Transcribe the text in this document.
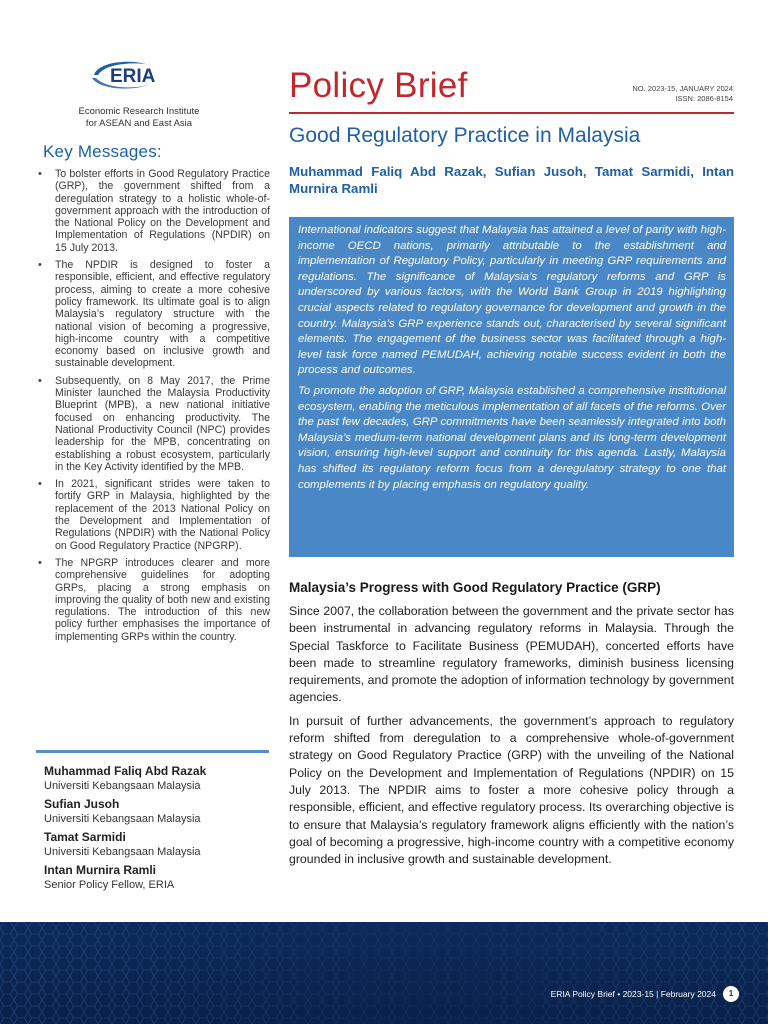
ERIA
Economic Research Institute
for ASEAN and East Asia
Key Messages:
• To bolster efforts in Good Regulatory Practice (GRP), the government shifted from a deregulation strategy to a holistic whole-of-government approach with the introduction of the National Policy on the Development and Implementation of Regulations (NPDIR) on 15 July 2013.
• The NPDIR is designed to foster a responsible, efficient, and effective regulatory process, aiming to create a more cohesive policy framework. Its ultimate goal is to align Malaysia’s regulatory structure with the national vision of becoming a progressive, high-income country with a competitive economy based on inclusive growth and sustainable development.
• Subsequently, on 8 May 2017, the Prime Minister launched the Malaysia Productivity Blueprint (MPB), a new national initiative focused on enhancing productivity. The National Productivity Council (NPC) provides leadership for the MPB, concentrating on establishing a robust ecosystem, particularly in the Key Activity identified by the MPB.
• In 2021, significant strides were taken to fortify GRP in Malaysia, highlighted by the replacement of the 2013 National Policy on the Development and Implementation of Regulations (NPDIR) with the National Policy on Good Regulatory Practice (NPGRP).
• The NPGRP introduces clearer and more comprehensive guidelines for adopting GRPs, placing a strong emphasis on improving the quality of both new and existing regulations. The introduction of this new policy further emphasises the importance of implementing GRPs within the country.
Muhammad Faliq Abd Razak
Universiti Kebangsaan Malaysia
Sufian Jusoh
Universiti Kebangsaan Malaysia
Tamat Sarmidi
Universiti Kebangsaan Malaysia
Intan Murnira Ramli
Senior Policy Fellow, ERIA
Policy Brief	NO. 2023-15, JANUARY 2024
ISSN: 2086-8154
Good Regulatory Practice in Malaysia
Muhammad Faliq Abd Razak, Sufian Jusoh, Tamat Sarmidi, Intan Murnira Ramli

International indicators suggest that Malaysia has attained a level of parity with high-income OECD nations, primarily attributable to the establishment and implementation of Regulatory Policy, particularly in meeting GRP requirements and regulations. The significance of Malaysia’s regulatory reforms and GRP is underscored by various factors, with the World Bank Group in 2019 highlighting crucial aspects related to regulatory governance for development and growth in the country. Malaysia’s GRP experience stands out, characterised by several significant elements. The engagement of the business sector was facilitated through a high-level task force named PEMUDAH, achieving notable success evident in both the process and outcomes.

To promote the adoption of GRP, Malaysia established a comprehensive institutional ecosystem, enabling the meticulous implementation of all facets of the reforms. Over the past few decades, GRP commitments have been seamlessly integrated into both Malaysia’s medium-term national development plans and its long-term development vision, ensuring high-level support and continuity for this agenda. Lastly, Malaysia has shifted its regulatory reform focus from a deregulatory strategy to one that complements it by placing emphasis on regulatory quality.

Malaysia’s Progress with Good Regulatory Practice (GRP)

Since 2007, the collaboration between the government and the private sector has been instrumental in advancing regulatory reforms in Malaysia. Through the Special Taskforce to Facilitate Business (PEMUDAH), concerted efforts have been made to streamline regulatory frameworks, diminish business licensing requirements, and promote the adoption of information technology by government agencies.

In pursuit of further advancements, the government’s approach to regulatory reform shifted from deregulation to a comprehensive whole-of-government strategy on Good Regulatory Practice (GRP) with the unveiling of the National Policy on the Development and Implementation of Regulations (NPDIR) on 15 July 2013. The NPDIR aims to foster a more cohesive policy through a responsible, efficient, and effective regulatory process. Its overarching objective is to ensure that Malaysia’s regulatory framework aligns efficiently with the nation’s goal of becoming a progressive, high-income country with a competitive economy grounded in inclusive growth and sustainable development.

ERIA Policy Brief • 2023-15 | February 2024	1
